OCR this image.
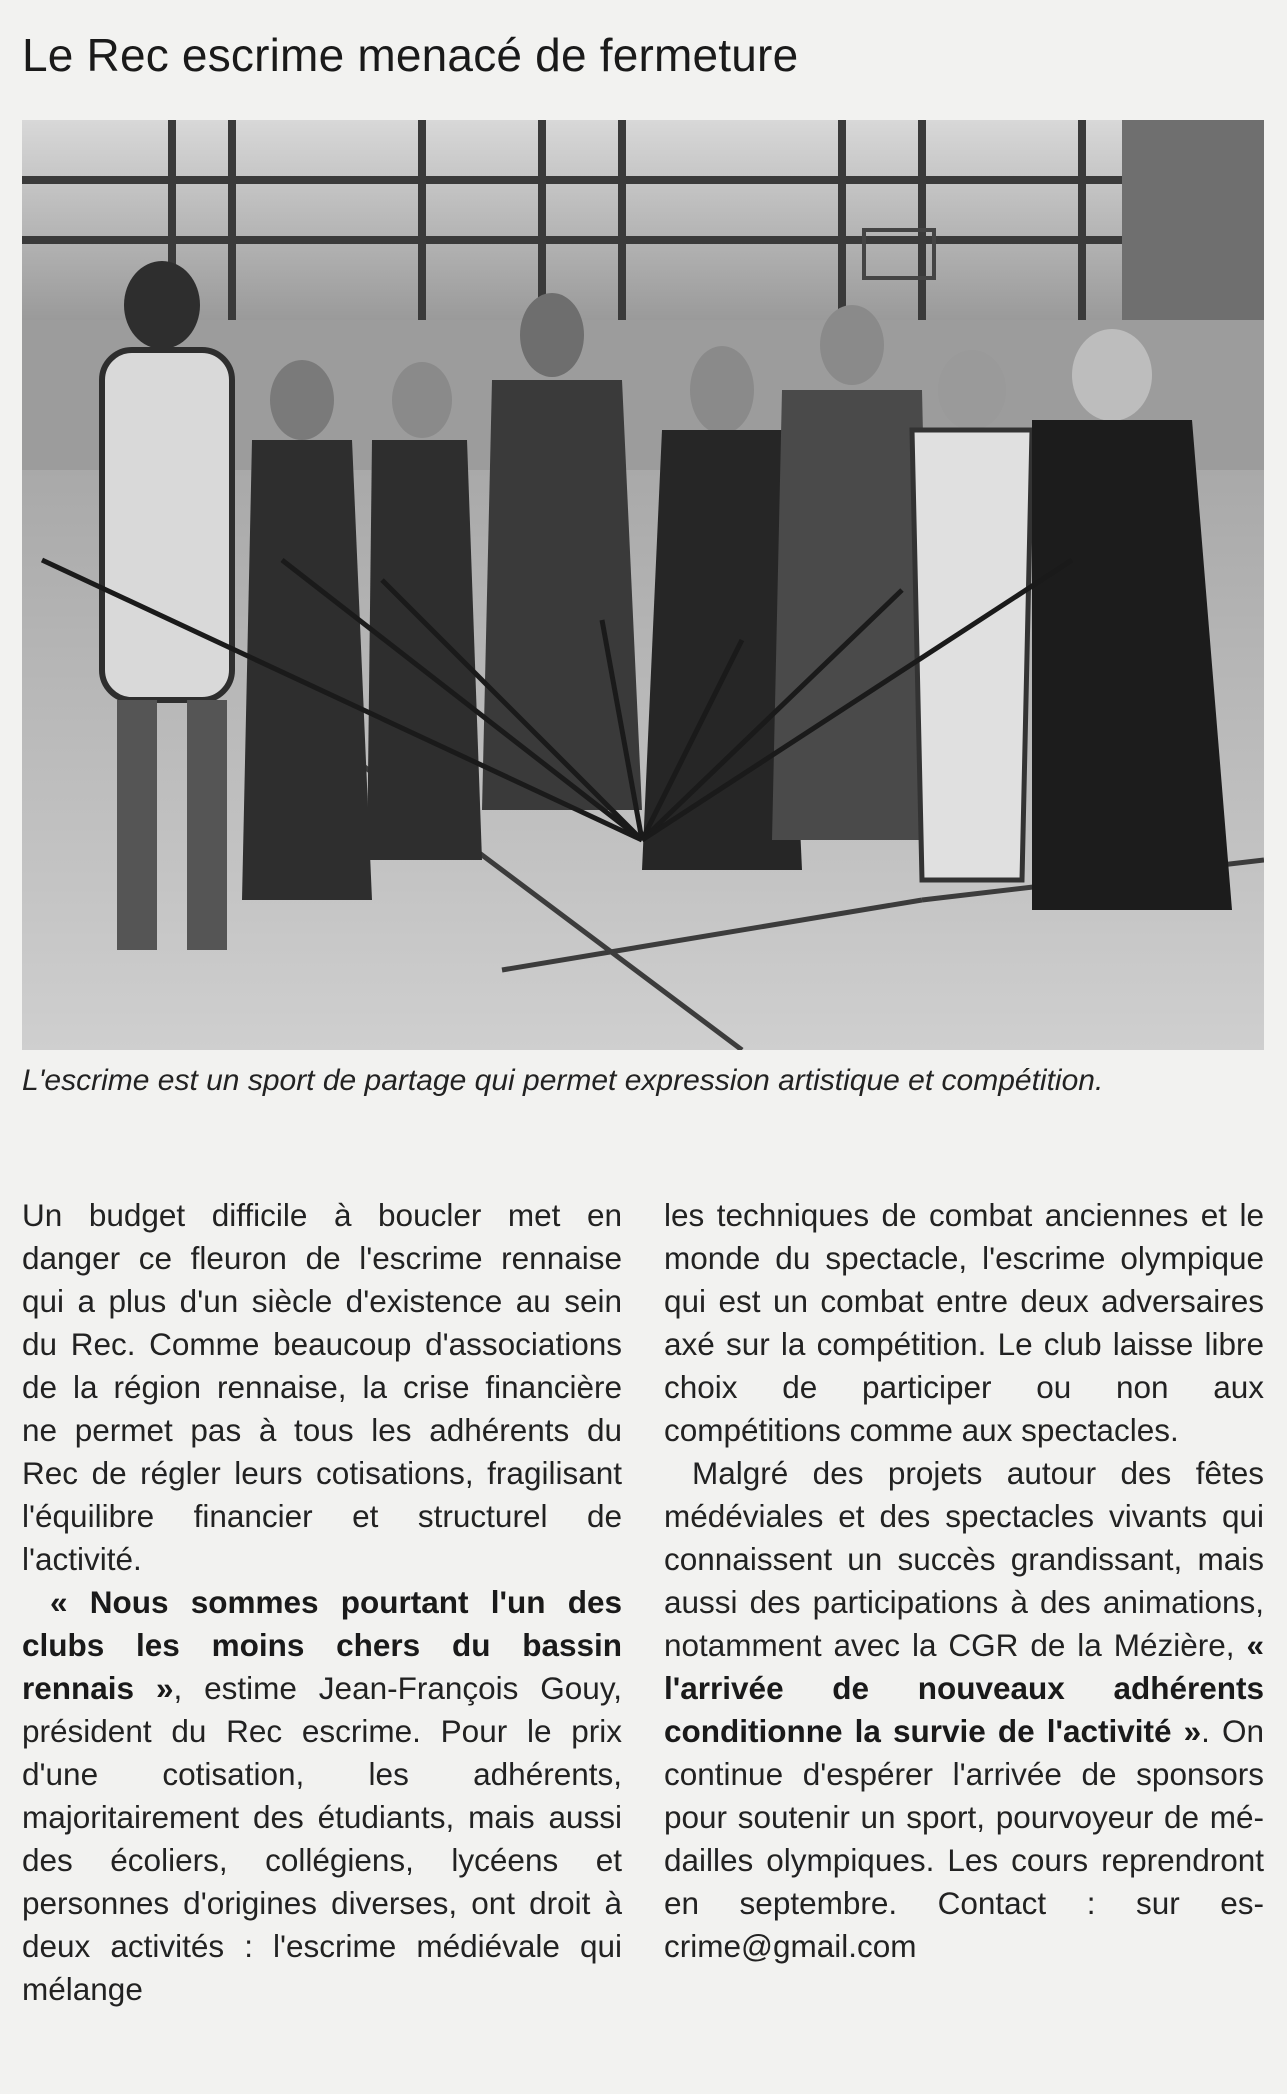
Le Rec escrime menacé de fermeture

L'escrime est un sport de partage qui permet expression artistique et compétition.

Un budget difficile à boucler met en danger ce fleuron de l'escrime rennaise qui a plus d'un siècle d'existence au sein du Rec. Comme beaucoup d'associations de la région rennaise, la crise financière ne permet pas à tous les adhérents du Rec de régler leurs cotisations, fragilisant l'équilibre financier et structurel de l'activité.

« Nous sommes pourtant l'un des clubs les moins chers du bassin rennais », estime Jean-François Gouy, président du Rec escrime. Pour le prix d'une cotisation, les adhérents, majoritairement des étudiants, mais aussi des écoliers, collégiens, lycéens et personnes d'origines diverses, ont droit à deux activités : l'escrime médiévale qui mélange

les techniques de combat anciennes et le monde du spectacle, l'escrime olympique qui est un combat entre deux adversaires axé sur la compétition. Le club laisse libre choix de participer ou non aux compétitions comme aux spectacles.

Malgré des projets autour des fêtes médéviales et des spectacles vivants qui connaissent un succès grandissant, mais aussi des participations à des animations, notamment avec la CGR de la Mézière, « l'arrivée de nouveaux adhérents conditionne la survie de l'activité ». On continue d'espérer l'arrivée de sponsors pour soutenir un sport, pourvoyeur de médailles olympiques. Les cours reprendront en septembre. Contact : sur escrime@gmail.com
